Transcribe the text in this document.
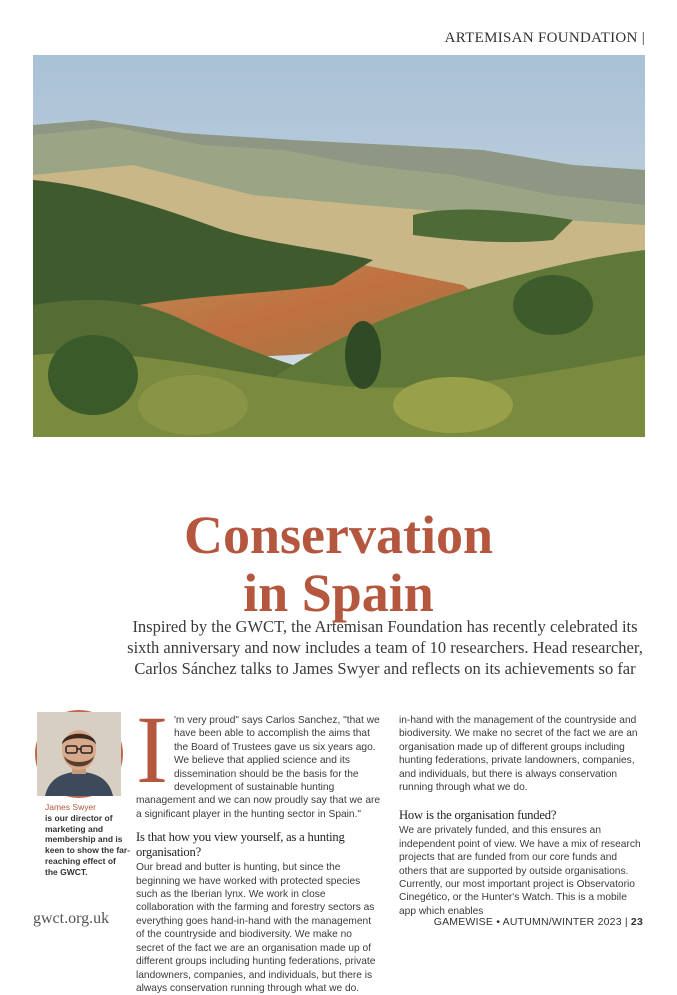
ARTEMISAN FOUNDATION |
Conservation
in Spain
Inspired by the GWCT, the Artemisan Foundation has recently celebrated its sixth anniversary and now includes a team of 10 researchers. Head researcher, Carlos Sánchez talks to James Swyer and reflects on its achievements so far
James Swyer
is our director of marketing and membership and is keen to show the far-reaching effect of the GWCT.
I 'm very proud" says Carlos Sanchez, "that we have been able to accomplish the aims that the Board of Trustees gave us six years ago. We believe that applied science and its dissemination should be the basis for the development of sustainable hunting management and we can now proudly say that we are a significant player in the hunting sector in Spain."

Is that how you view yourself, as a hunting organisation?

Our bread and butter is hunting, but since the beginning we have worked with protected species such as the Iberian lynx. We work in close collaboration with the farming and forestry sectors as everything goes hand-in-hand with the management of the countryside and biodiversity. We make no secret of the fact we are an organisation made up of different groups including hunting federations, private landowners, companies, and individuals, but there is always conservation running through what we do.

in-hand with the management of the countryside and biodiversity. We make no secret of the fact we are an organisation made up of different groups including hunting federations, private landowners, companies, and individuals, but there is always conservation running through what we do.

How is the organisation funded?

We are privately funded, and this ensures an independent point of view. We have a mix of research projects that are funded from our core funds and others that are supported by outside organisations. Currently, our most important project is Observatorio Cinegético, or the Hunter's Watch. This is a mobile app which enables

gwct.org.uk	GAMEWISE • AUTUMN/WINTER 2023 | 23
